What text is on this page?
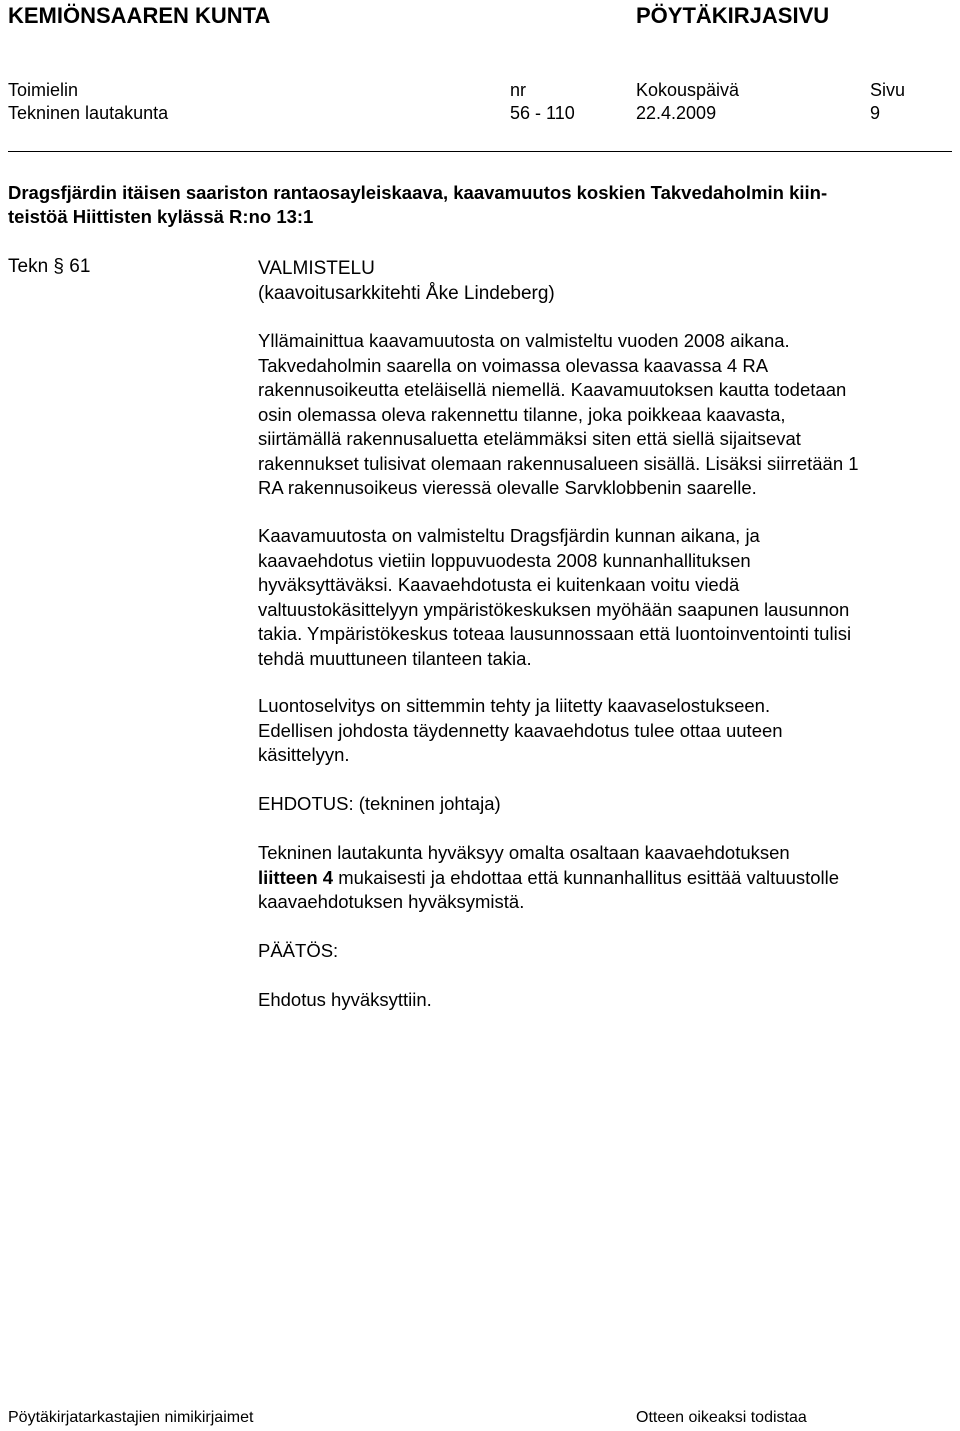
KEMIÖNSAAREN KUNTA	PÖYTÄKIRJASIVU
Toimielin	nr	Kokouspäivä	Sivu
Tekninen lautakunta	56 - 110	22.4.2009	9
Dragsfjärdin itäisen saariston rantaosayleiskaava, kaavamuutos koskien Takvedaholmin kiin-
teistöä Hiittisten kylässä R:no 13:1
Tekn § 61	VALMISTELU

(kaavoitusarkkitehti Åke Lindeberg)

Yllämainittua kaavamuutosta on valmisteltu vuoden 2008 aikana.

Takvedaholmin saarella on voimassa olevassa kaavassa 4 RA

rakennusoikeutta eteläisellä niemellä. Kaavamuutoksen kautta todetaan

osin olemassa oleva rakennettu tilanne, joka poikkeaa kaavasta,

siirtämällä rakennusaluetta etelämmäksi siten että siellä sijaitsevat

rakennukset tulisivat olemaan rakennusalueen sisällä. Lisäksi siirretään 1

RA rakennusoikeus vieressä olevalle Sarvklobbenin saarelle.

Kaavamuutosta on valmisteltu Dragsfjärdin kunnan aikana, ja

kaavaehdotus vietiin loppuvuodesta 2008 kunnanhallituksen

hyväksyttäväksi. Kaavaehdotusta ei kuitenkaan voitu viedä

valtuustokäsittelyyn ympäristökeskuksen myöhään saapunen lausunnon

takia. Ympäristökeskus toteaa lausunnossaan että luontoinventointi tulisi

tehdä muuttuneen tilanteen takia.

Luontoselvitys on sittemmin tehty ja liitetty kaavaselostukseen.

Edellisen johdosta täydennetty kaavaehdotus tulee ottaa uuteen

käsittelyyn.

EHDOTUS: (tekninen johtaja)

Tekninen lautakunta hyväksyy omalta osaltaan kaavaehdotuksen

liitteen 4 mukaisesti ja ehdottaa että kunnanhallitus esittää valtuustolle

kaavaehdotuksen hyväksymistä.

PÄÄTÖS:

Ehdotus hyväksyttiin.

Pöytäkirjatarkastajien nimikirjaimet	Otteen oikeaksi todistaa
